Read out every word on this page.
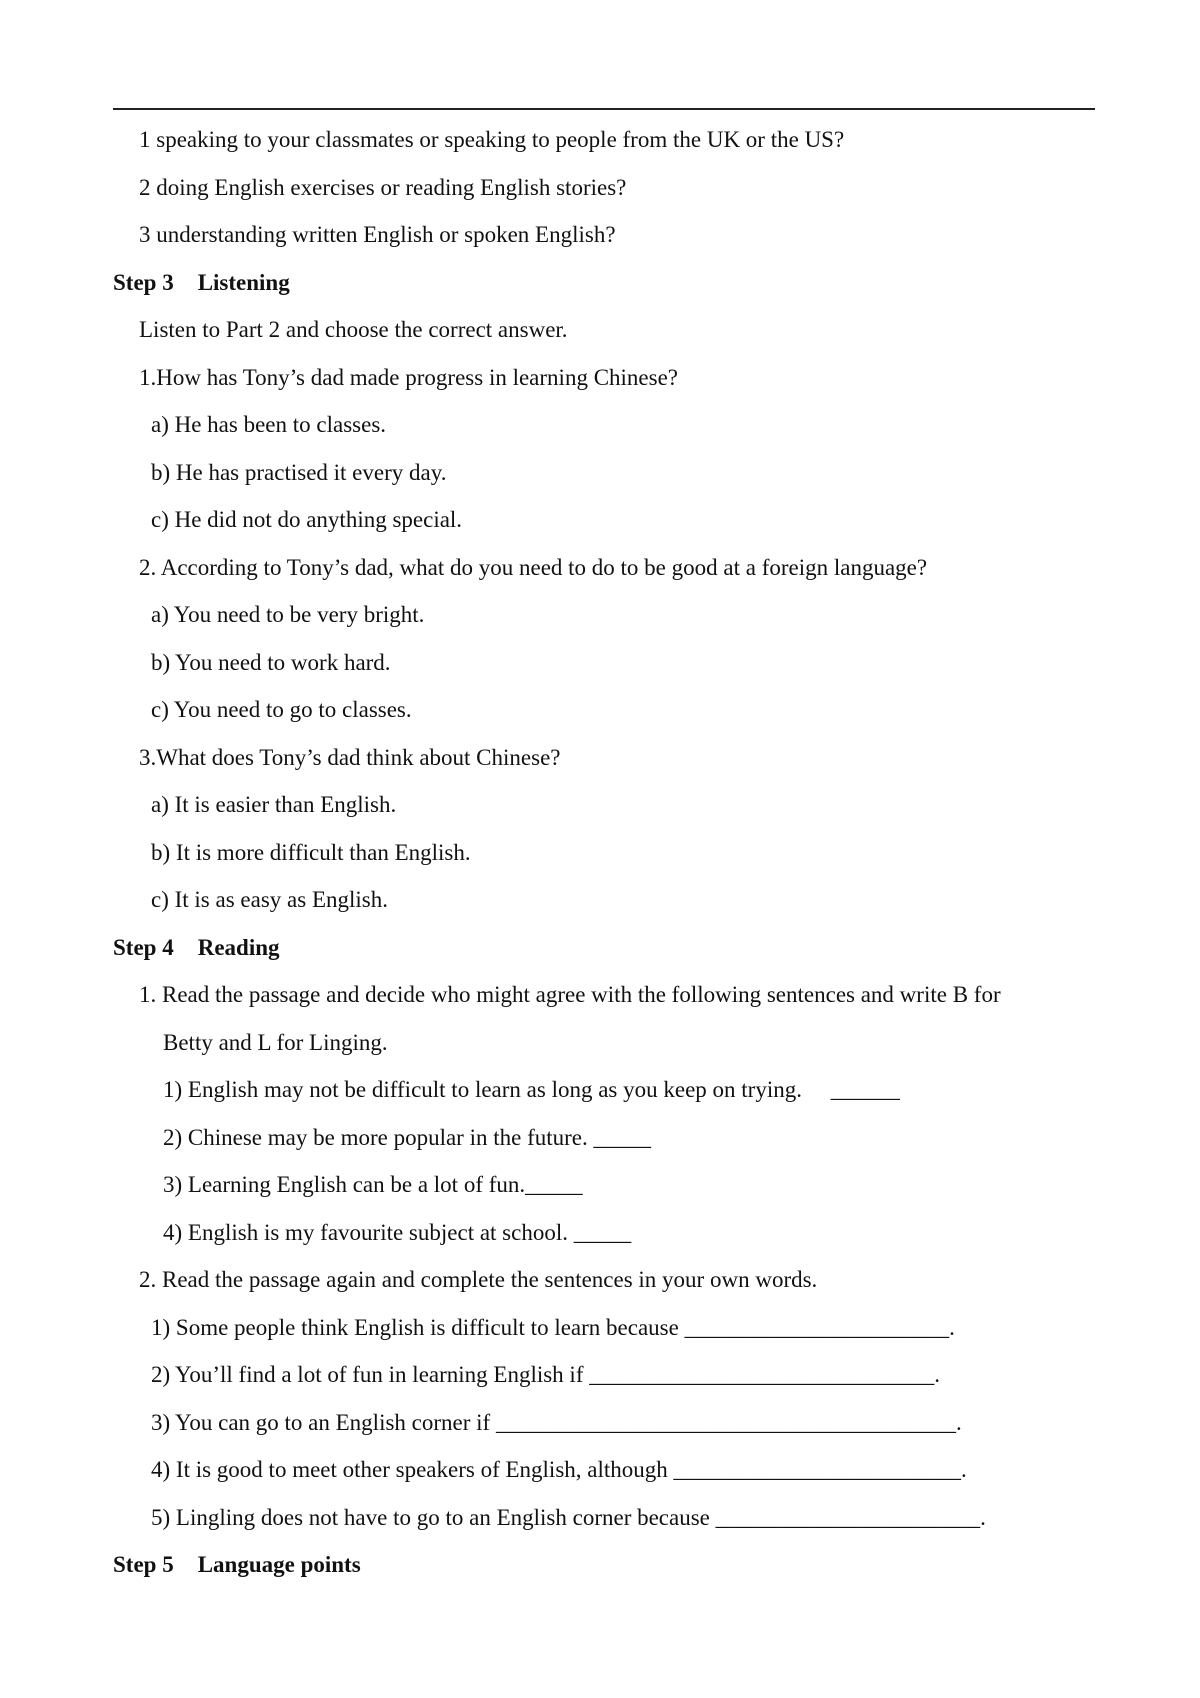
1 speaking to your classmates or speaking to people from the UK or the US?
2 doing English exercises or reading English stories?
3 understanding written English or spoken English?
Step 3 Listening
Listen to Part 2 and choose the correct answer.
1.How has Tony’s dad made progress in learning Chinese?
a) He has been to classes.
b) He has practised it every day.
c) He did not do anything special.
2. According to Tony’s dad, what do you need to do to be good at a foreign language?
a) You need to be very bright.
b) You need to work hard.
c) You need to go to classes.
3.What does Tony’s dad think about Chinese?
a) It is easier than English.
b) It is more difficult than English.
c) It is as easy as English.
Step 4 Reading
1. Read the passage and decide who might agree with the following sentences and write B for
Betty and L for Linging.
1) English may not be difficult to learn as long as you keep on trying.     ______
2) Chinese may be more popular in the future. _____
3) Learning English can be a lot of fun._____
4) English is my favourite subject at school. _____
2. Read the passage again and complete the sentences in your own words.
1) Some people think English is difficult to learn because _______________________.
2) You’ll find a lot of fun in learning English if ______________________________.
3) You can go to an English corner if ________________________________________.
4) It is good to meet other speakers of English, although _________________________.
5) Lingling does not have to go to an English corner because _______________________.
Step 5 Language points
